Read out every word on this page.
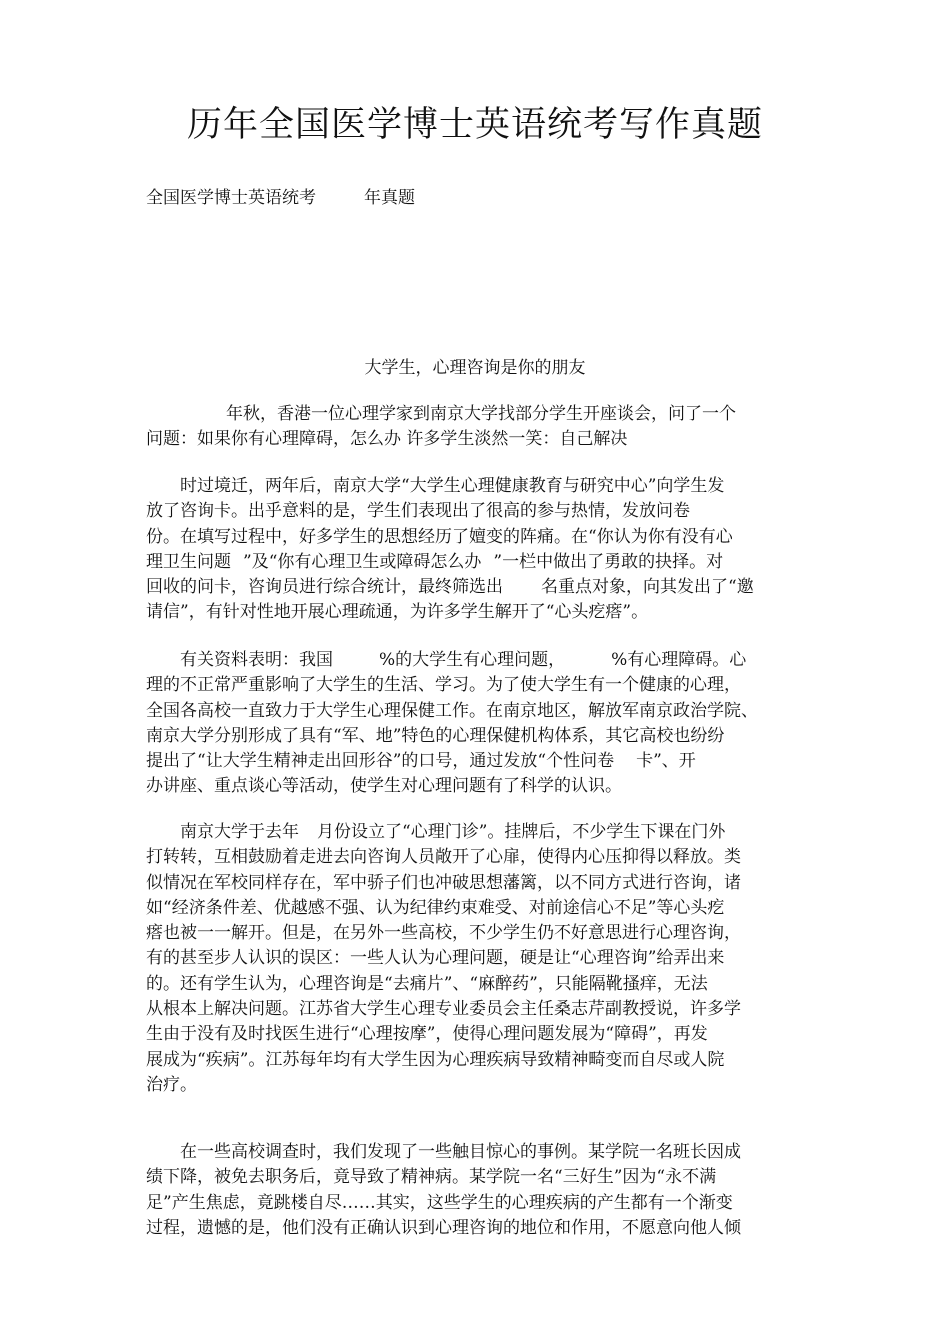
历年全国医学博士英语统考写作真题

全国医学博士英语统考	年真题

大学生，心理咨询是你的朋友

年秋，香港一位心理学家到南京大学找部分学生开座谈会，问了一个
问题：如果你有心理障碍，怎么办 许多学生淡然一笑：自己解决

时过境迁，两年后，南京大学“大学生心理健康教育与研究中心”向学生发
放了咨询卡。出乎意料的是，学生们表现出了很高的参与热情，发放问卷
份。在填写过程中，好多学生的思想经历了嬗变的阵痛。在“你认为你有没有心
理卫生问题 ”及“你有心理卫生或障碍怎么办 ”一栏中做出了勇敢的抉择。对
回收的问卡，咨询员进行综合统计，最终筛选出 名重点对象，向其发出了“邀
请信”，有针对性地开展心理疏通，为许多学生解开了“心头疙瘩”。

有关资料表明：我国	%的大学生有心理问题，	%有心理障碍。心
理的不正常严重影响了大学生的生活、学习。为了使大学生有一个健康的心理，
全国各高校一直致力于大学生心理保健工作。在南京地区，解放军南京政治学院、
南京大学分别形成了具有“军、地”特色的心理保健机构体系，其它高校也纷纷
提出了“让大学生精神走出回形谷”的口号，通过发放“个性问卷 卡”、开
办讲座、重点谈心等活动，使学生对心理问题有了科学的认识。

南京大学于去年 月份设立了“心理门诊”。挂牌后，不少学生下课在门外
打转转，互相鼓励着走进去向咨询人员敞开了心扉，使得内心压抑得以释放。类
似情况在军校同样存在，军中骄子们也冲破思想藩篱，以不同方式进行咨询，诸
如“经济条件差、优越感不强、认为纪律约束难受、对前途信心不足”等心头疙
瘩也被一一解开。但是，在另外一些高校，不少学生仍不好意思进行心理咨询，
有的甚至步人认识的误区：一些人认为心理问题，硬是让“心理咨询”给弄出来
的。还有学生认为，心理咨询是“去痛片”、“麻醉药”，只能隔靴搔痒，无法
从根本上解决问题。江苏省大学生心理专业委员会主任桑志芹副教授说，许多学
生由于没有及时找医生进行“心理按摩”，使得心理问题发展为“障碍”，再发
展成为“疾病”。江苏每年均有大学生因为心理疾病导致精神畸变而自尽或人院
治疗。

在一些高校调查时，我们发现了一些触目惊心的事例。某学院一名班长因成
绩下降，被免去职务后，竟导致了精神病。某学院一名“三好生”因为“永不满
足”产生焦虑，竟跳楼自尽……其实，这些学生的心理疾病的产生都有一个渐变
过程，遗憾的是，他们没有正确认识到心理咨询的地位和作用，不愿意向他人倾
